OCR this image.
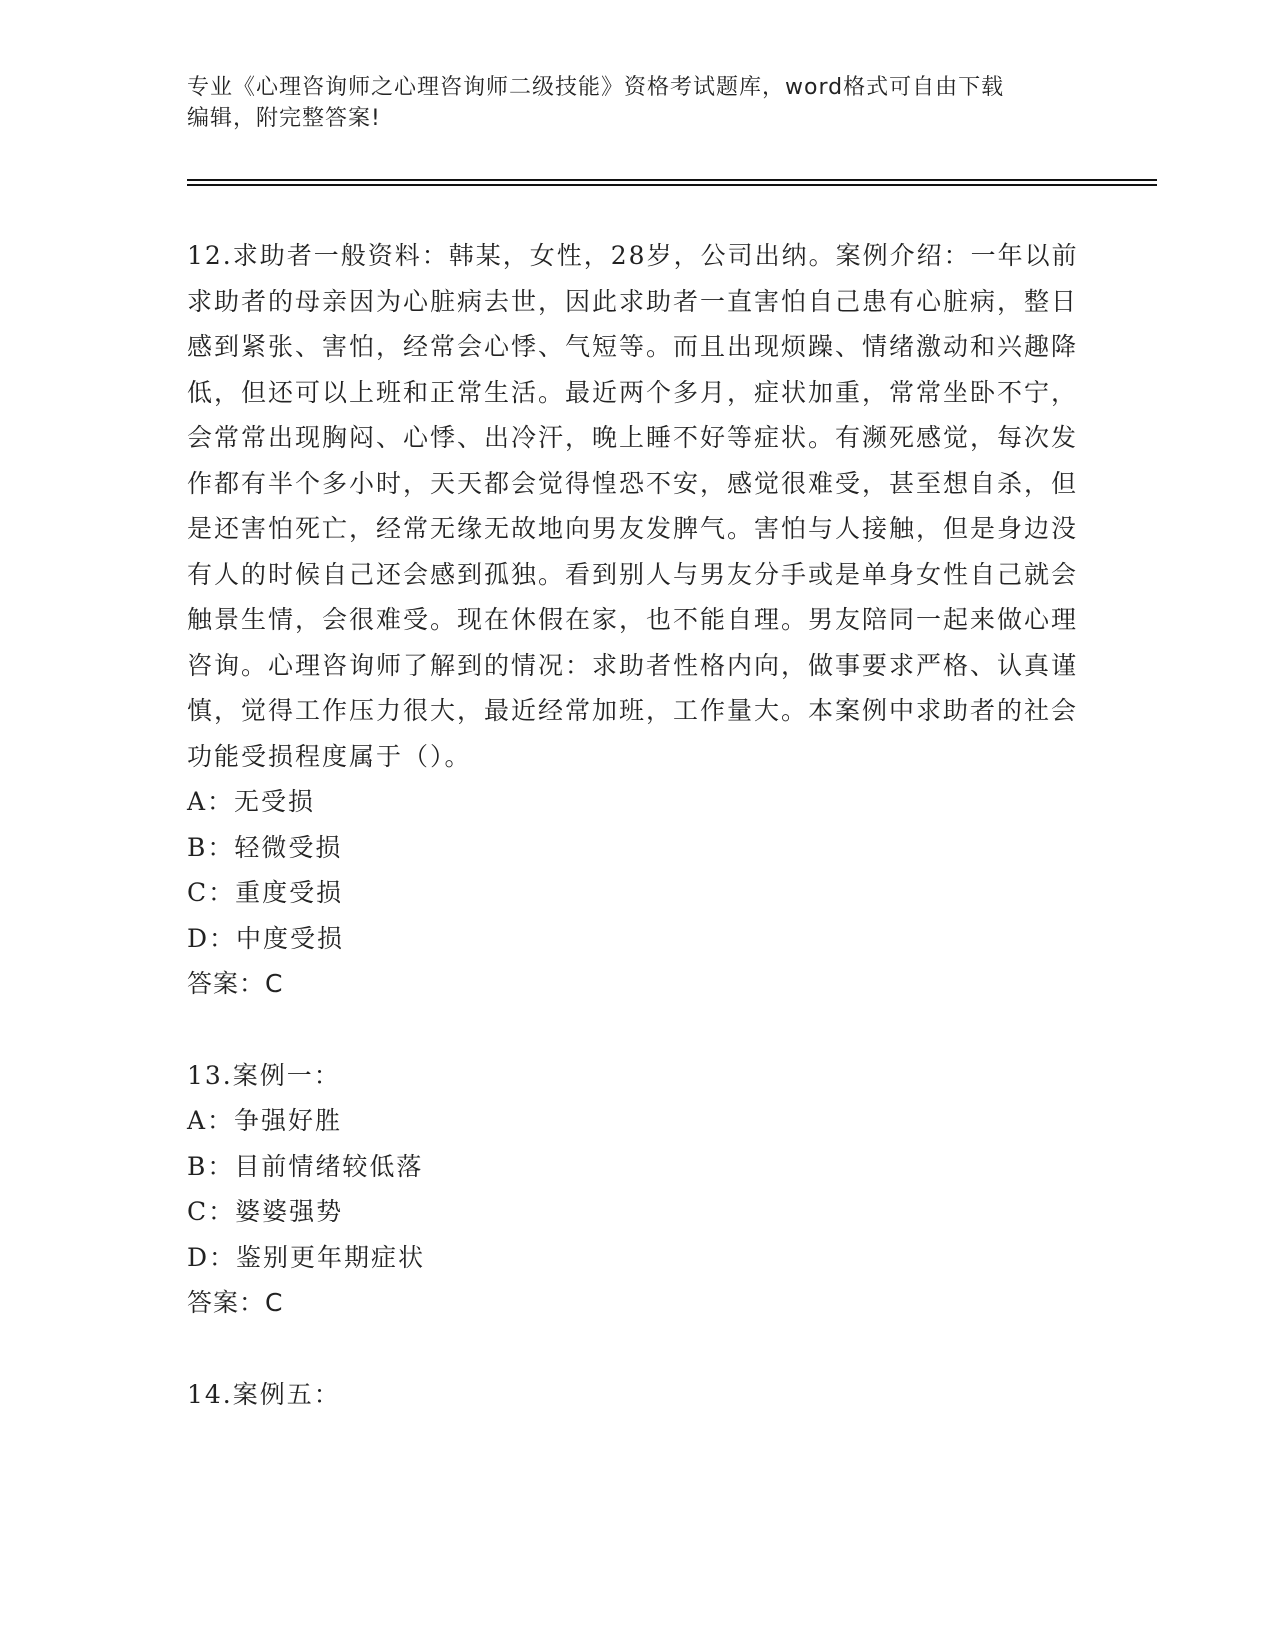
专业《心理咨询师之心理咨询师二级技能》资格考试题库，word格式可自由下载
编辑，附完整答案!

12.求助者一般资料：韩某，女性，28岁，公司出纳。案例介绍：一年以前求助者的母亲因为心脏病去世，因此求助者一直害怕自己患有心脏病，整日感到紧张、害怕，经常会心悸、气短等。而且出现烦躁、情绪激动和兴趣降低，但还可以上班和正常生活。最近两个多月，症状加重，常常坐卧不宁，会常常出现胸闷、心悸、出冷汗，晚上睡不好等症状。有濒死感觉，每次发作都有半个多小时，天天都会觉得惶恐不安，感觉很难受，甚至想自杀，但是还害怕死亡，经常无缘无故地向男友发脾气。害怕与人接触，但是身边没有人的时候自己还会感到孤独。看到别人与男友分手或是单身女性自己就会触景生情，会很难受。现在休假在家，也不能自理。男友陪同一起来做心理咨询。心理咨询师了解到的情况：求助者性格内向，做事要求严格、认真谨慎，觉得工作压力很大，最近经常加班，工作量大。本案例中求助者的社会功能受损程度属于（）。

A：无受损

B：轻微受损

C：重度受损

D：中度受损

答案：C

13.案例一：

A：争强好胜

B：目前情绪较低落

C：婆婆强势

D：鉴别更年期症状

答案：C

14.案例五：
